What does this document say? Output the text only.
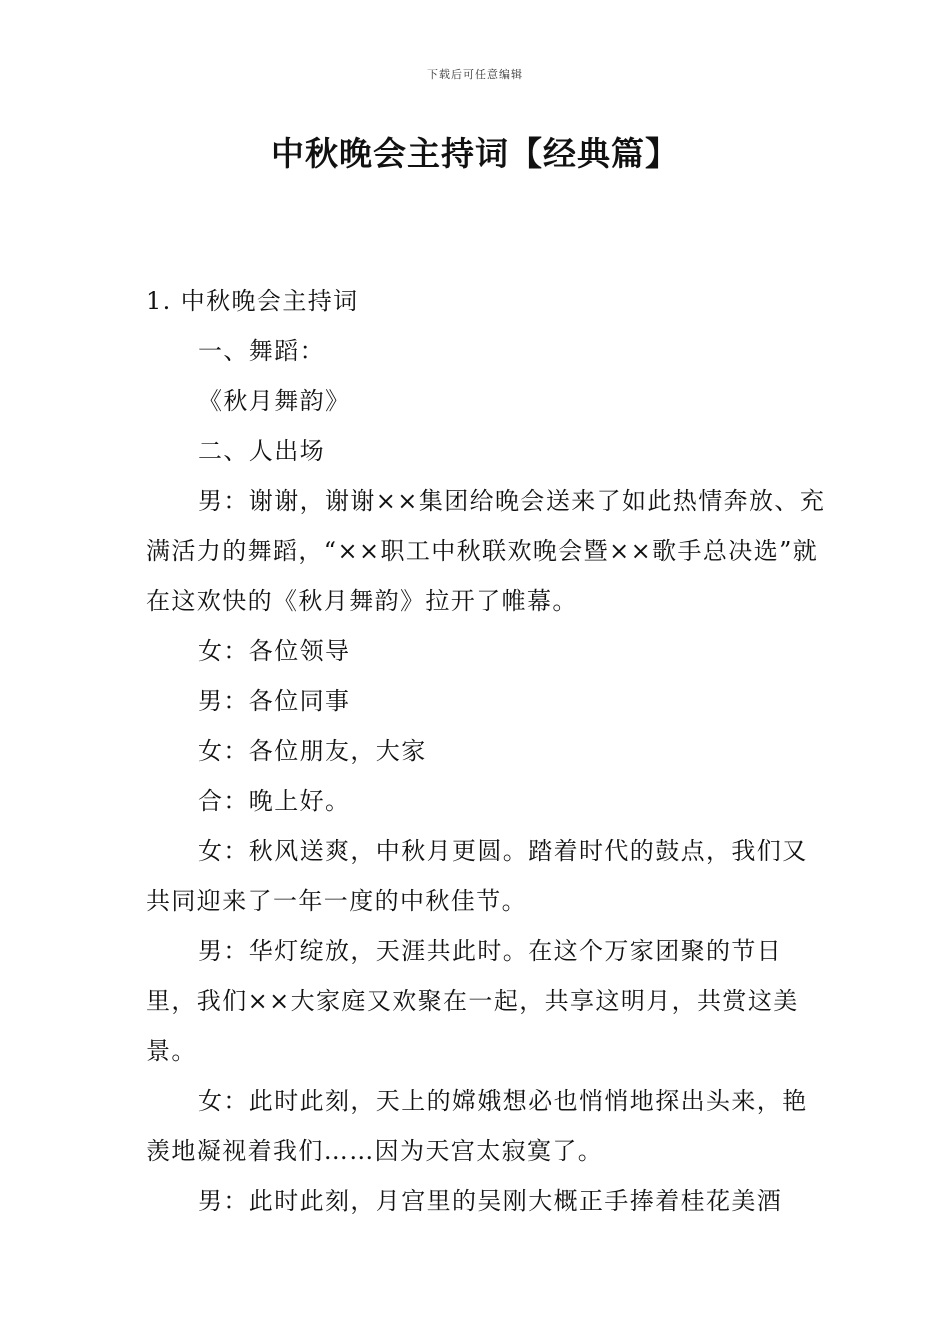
下载后可任意编辑
中秋晚会主持词【经典篇】

1. 中秋晚会主持词

一、舞蹈：

《秋月舞韵》

二、人出场

男：谢谢，谢谢××集团给晚会送来了如此热情奔放、充满活力的舞蹈，“××职工中秋联欢晚会暨××歌手总决选”就在这欢快的《秋月舞韵》拉开了帷幕。

女：各位领导

男：各位同事

女：各位朋友，大家

合：晚上好。

女：秋风送爽，中秋月更圆。踏着时代的鼓点，我们又共同迎来了一年一度的中秋佳节。

男：华灯绽放，天涯共此时。在这个万家团聚的节日里，我们××大家庭又欢聚在一起，共享这明月，共赏这美景。

女：此时此刻，天上的嫦娥想必也悄悄地探出头来，艳羡地凝视着我们……因为天宫太寂寞了。

男：此时此刻，月宫里的吴刚大概正手捧着桂花美酒
